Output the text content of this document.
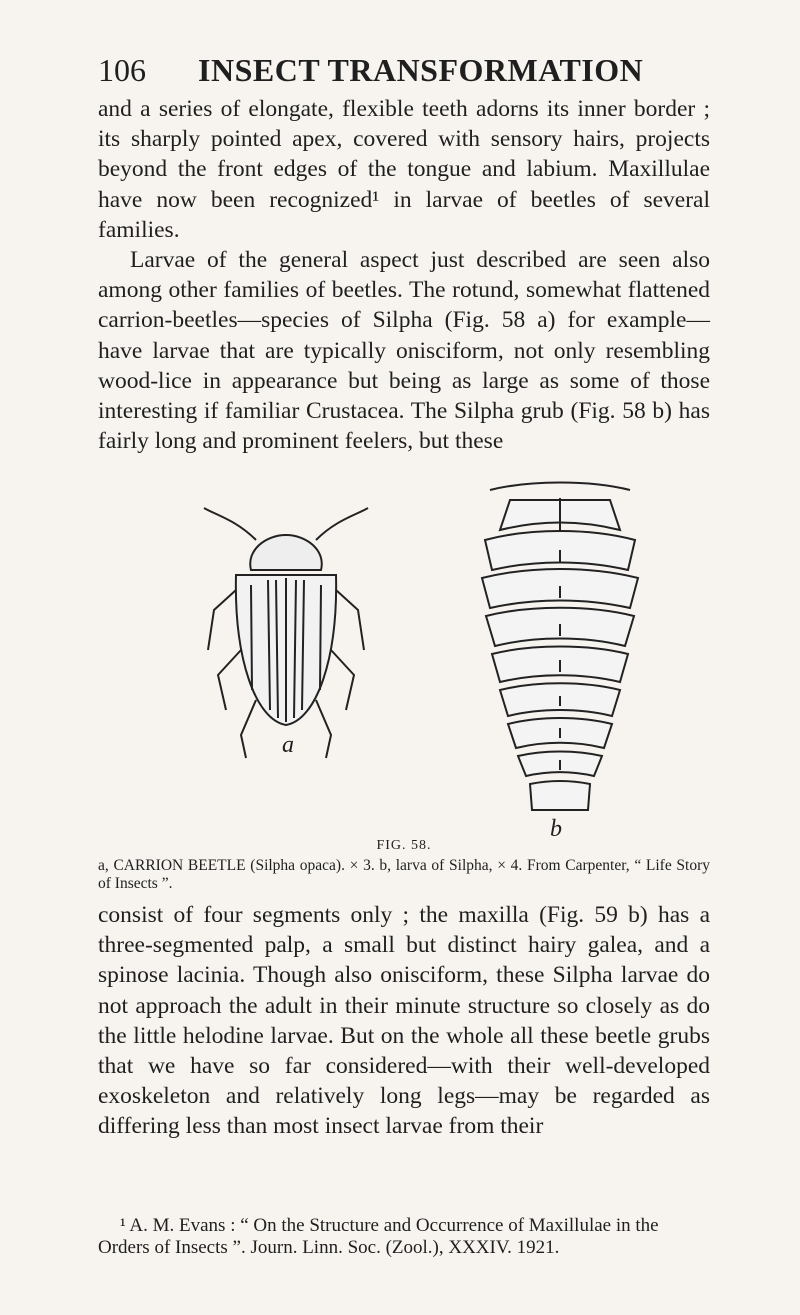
106 INSECT TRANSFORMATION

and a series of elongate, flexible teeth adorns its inner border ; its sharply pointed apex, covered with sensory hairs, projects beyond the front edges of the tongue and labium. Maxillulae have now been recognized¹ in larvae of beetles of several families.

Larvae of the general aspect just described are seen also among other families of beetles. The rotund, somewhat flattened carrion-beetles—species of Silpha (Fig. 58 a) for example—have larvae that are typically onisciform, not only resembling wood-lice in appearance but being as large as some of those interesting if familiar Crustacea. The Silpha grub (Fig. 58 b) has fairly long and prominent feelers, but these

a
b
FIG. 58.
a, CARRION BEETLE (Silpha opaca). × 3. b, larva of Silpha, × 4. From Carpenter, “ Life Story of Insects ”.

consist of four segments only ; the maxilla (Fig. 59 b) has a three-segmented palp, a small but distinct hairy galea, and a spinose lacinia. Though also onisciform, these Silpha larvae do not approach the adult in their minute structure so closely as do the little helodine larvae. But on the whole all these beetle grubs that we have so far considered—with their well-developed exoskeleton and relatively long legs—may be regarded as differing less than most insect larvae from their

¹ A. M. Evans : “ On the Structure and Occurrence of Maxillulae in the Orders of Insects ”. Journ. Linn. Soc. (Zool.), XXXIV. 1921.
